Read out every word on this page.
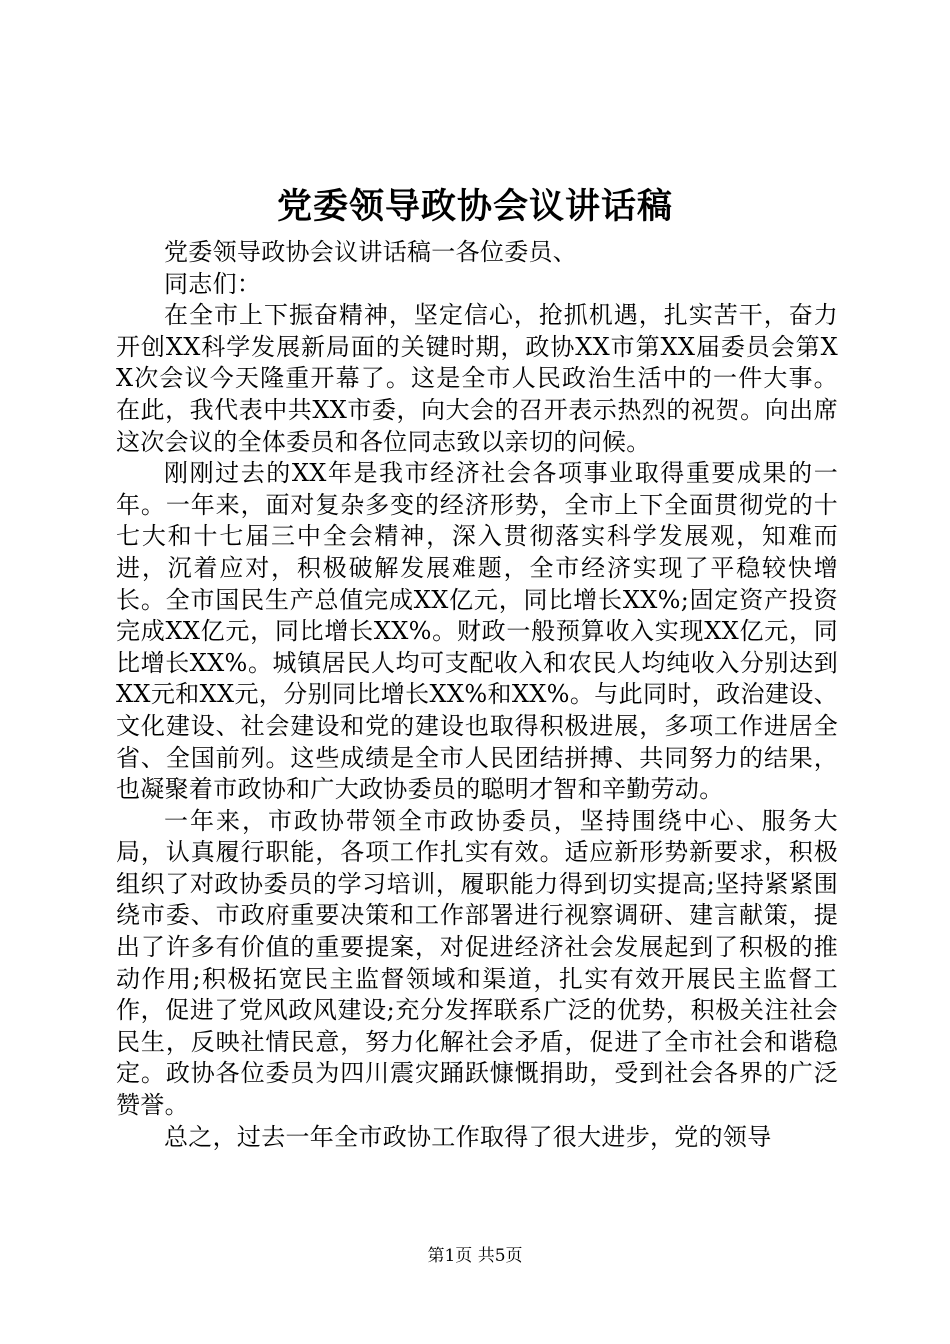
党委领导政协会议讲话稿

党委领导政协会议讲话稿一各位委员、

同志们：

在全市上下振奋精神，坚定信心，抢抓机遇，扎实苦干，奋力开创XX科学发展新局面的关键时期，政协XX市第XX届委员会第XX次会议今天隆重开幕了。这是全市人民政治生活中的一件大事。在此，我代表中共XX市委，向大会的召开表示热烈的祝贺。向出席这次会议的全体委员和各位同志致以亲切的问候。

刚刚过去的XX年是我市经济社会各项事业取得重要成果的一年。一年来，面对复杂多变的经济形势，全市上下全面贯彻党的十七大和十七届三中全会精神，深入贯彻落实科学发展观，知难而进，沉着应对，积极破解发展难题，全市经济实现了平稳较快增长。全市国民生产总值完成XX亿元，同比增长XX%;固定资产投资完成XX亿元，同比增长XX%。财政一般预算收入实现XX亿元，同比增长XX%。城镇居民人均可支配收入和农民人均纯收入分别达到XX元和XX元，分别同比增长XX%和XX%。与此同时，政治建设、文化建设、社会建设和党的建设也取得积极进展，多项工作进居全省、全国前列。这些成绩是全市人民团结拼搏、共同努力的结果，也凝聚着市政协和广大政协委员的聪明才智和辛勤劳动。

一年来，市政协带领全市政协委员，坚持围绕中心、服务大局，认真履行职能，各项工作扎实有效。适应新形势新要求，积极组织了对政协委员的学习培训，履职能力得到切实提高;坚持紧紧围绕市委、市政府重要决策和工作部署进行视察调研、建言献策，提出了许多有价值的重要提案，对促进经济社会发展起到了积极的推动作用;积极拓宽民主监督领域和渠道，扎实有效开展民主监督工作，促进了党风政风建设;充分发挥联系广泛的优势，积极关注社会民生，反映社情民意，努力化解社会矛盾，促进了全市社会和谐稳定。政协各位委员为四川震灾踊跃慷慨捐助，受到社会各界的广泛赞誉。

总之，过去一年全市政协工作取得了很大进步，党的领导

第1页 共5页
